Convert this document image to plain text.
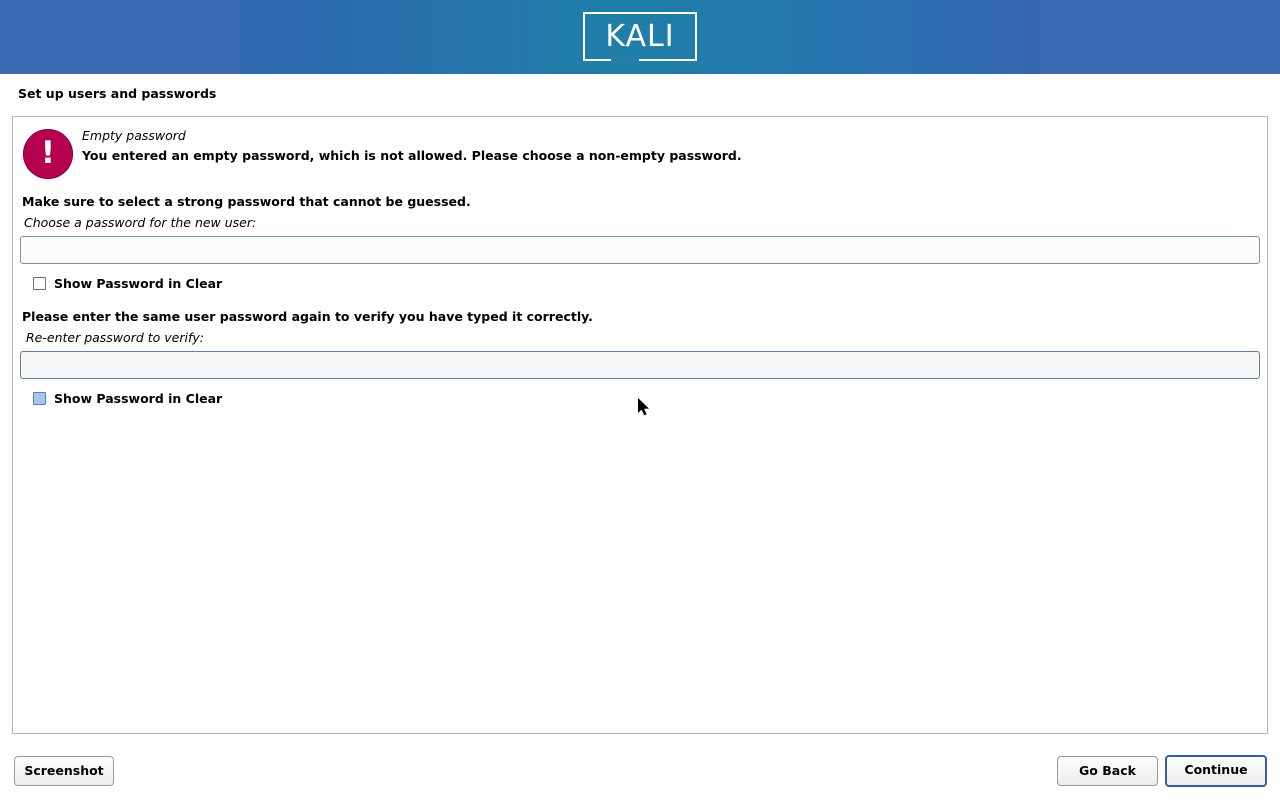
KALI
Set up users and passwords
!	Empty password
You entered an empty password, which is not allowed. Please choose a non-empty password.
Make sure to select a strong password that cannot be guessed.
Choose a password for the new user:
Show Password in Clear
Please enter the same user password again to verify you have typed it correctly.
Re-enter password to verify:
Show Password in Clear
Screenshot	Go Back	Continue
